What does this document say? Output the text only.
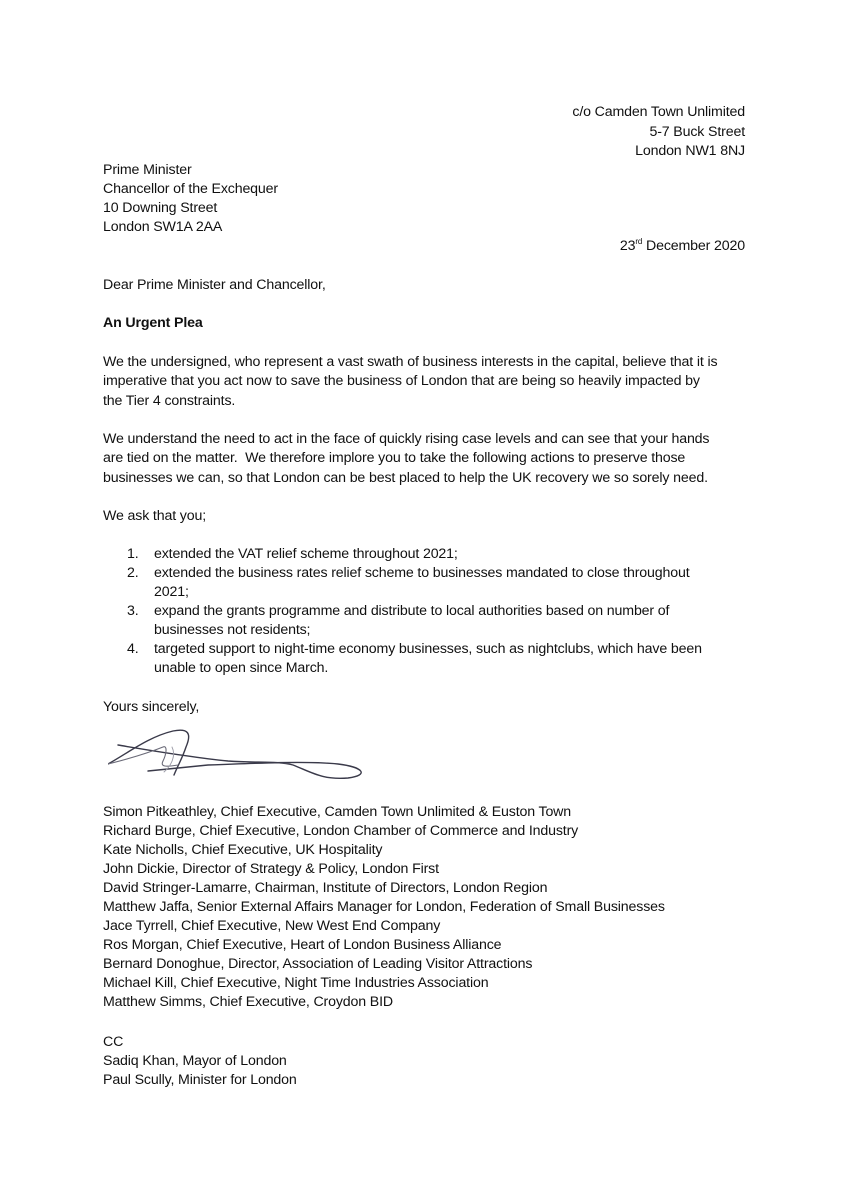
c/o Camden Town Unlimited
5-7 Buck Street
London NW1 8NJ
Prime Minister
Chancellor of the Exchequer
10 Downing Street
London SW1A 2AA
23rd December 2020
Dear Prime Minister and Chancellor,
An Urgent Plea
We the undersigned, who represent a vast swath of business interests in the capital, believe that it is
imperative that you act now to save the business of London that are being so heavily impacted by
the Tier 4 constraints.
We understand the need to act in the face of quickly rising case levels and can see that your hands
are tied on the matter.  We therefore implore you to take the following actions to preserve those
businesses we can, so that London can be best placed to help the UK recovery we so sorely need.
We ask that you;
1.	extended the VAT relief scheme throughout 2021;
2.	extended the business rates relief scheme to businesses mandated to close throughout
2021;
3.	expand the grants programme and distribute to local authorities based on number of
businesses not residents;
4.	targeted support to night-time economy businesses, such as nightclubs, which have been
unable to open since March.
Yours sincerely,
Simon Pitkeathley, Chief Executive, Camden Town Unlimited & Euston Town
Richard Burge, Chief Executive, London Chamber of Commerce and Industry
Kate Nicholls, Chief Executive, UK Hospitality
John Dickie, Director of Strategy & Policy, London First
David Stringer-Lamarre, Chairman, Institute of Directors, London Region
Matthew Jaffa, Senior External Affairs Manager for London, Federation of Small Businesses
Jace Tyrrell, Chief Executive, New West End Company
Ros Morgan, Chief Executive, Heart of London Business Alliance
Bernard Donoghue, Director, Association of Leading Visitor Attractions
Michael Kill, Chief Executive, Night Time Industries Association
Matthew Simms, Chief Executive, Croydon BID
CC
Sadiq Khan, Mayor of London
Paul Scully, Minister for London
